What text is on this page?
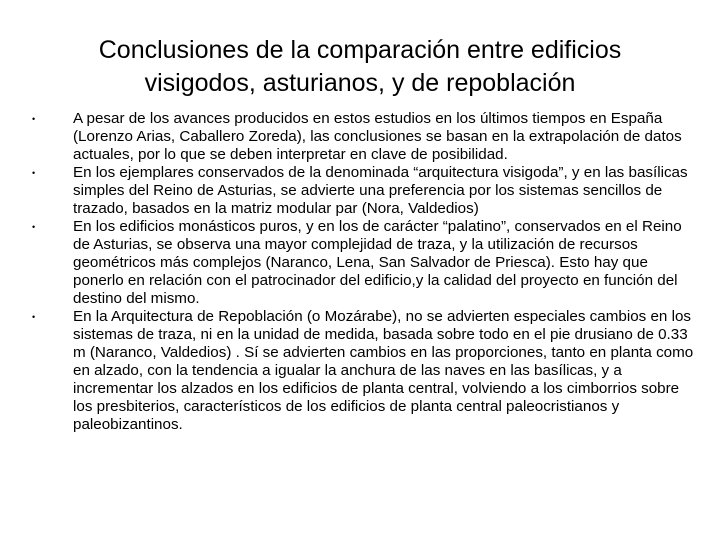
Conclusiones de la comparación entre edificios
visigodos, asturianos, y de repoblación
• A pesar de los avances producidos en estos estudios en los últimos tiempos en España (Lorenzo Arias, Caballero Zoreda), las conclusiones se basan en la extrapolación de datos actuales, por lo que se deben interpretar en clave de posibilidad.
• En los ejemplares conservados de la denominada “arquitectura visigoda”, y en las basílicas simples del Reino de Asturias, se advierte una preferencia por los sistemas sencillos de trazado, basados en la matriz modular par (Nora, Valdedios)
• En los edificios monásticos puros, y en los de carácter “palatino”, conservados en el Reino de Asturias, se observa una mayor complejidad de traza, y la utilización de recursos geométricos más complejos (Naranco, Lena, San Salvador de Priesca). Esto hay que ponerlo en relación con el patrocinador del edificio,y la calidad del proyecto en función del destino del mismo.
• En la Arquitectura de Repoblación (o Mozárabe), no se advierten especiales cambios en los sistemas de traza, ni en la unidad de medida, basada sobre todo en el pie drusiano de 0.33 m (Naranco, Valdedios) . Sí se advierten cambios en las proporciones, tanto en planta como en alzado, con la tendencia a igualar la anchura de las naves en las basílicas, y a incrementar los alzados en los edificios de planta central, volviendo a los cimborrios sobre los presbiterios, característicos de los edificios de planta central paleocristianos y paleobizantinos.
